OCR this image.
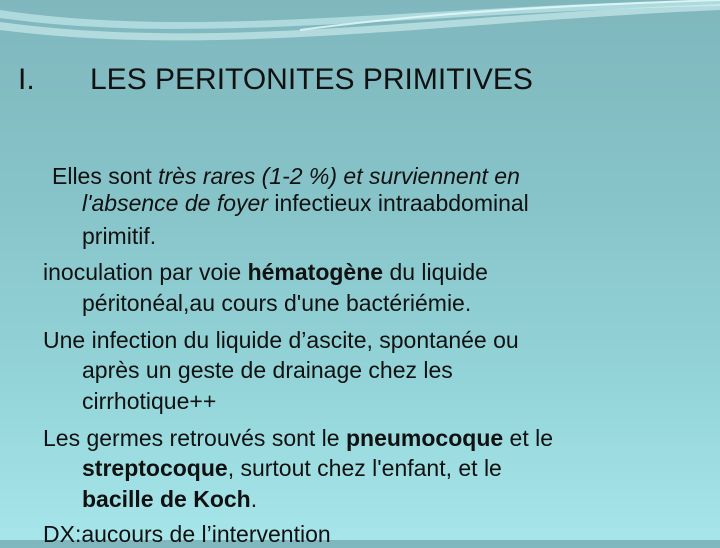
I. LES PERITONITES PRIMITIVES
Elles sont très rares (1-2 %) et surviennent en
l'absence de foyer infectieux intraabdominal
primitif.
inoculation par voie hématogène du liquide
péritonéal,au cours d'une bactériémie.
Une infection du liquide d’ascite, spontanée ou
après un geste de drainage chez les
cirrhotique++
Les germes retrouvés sont le pneumocoque et le
streptocoque, surtout chez l'enfant, et le
bacille de Koch.
DX:aucours de l’intervention
